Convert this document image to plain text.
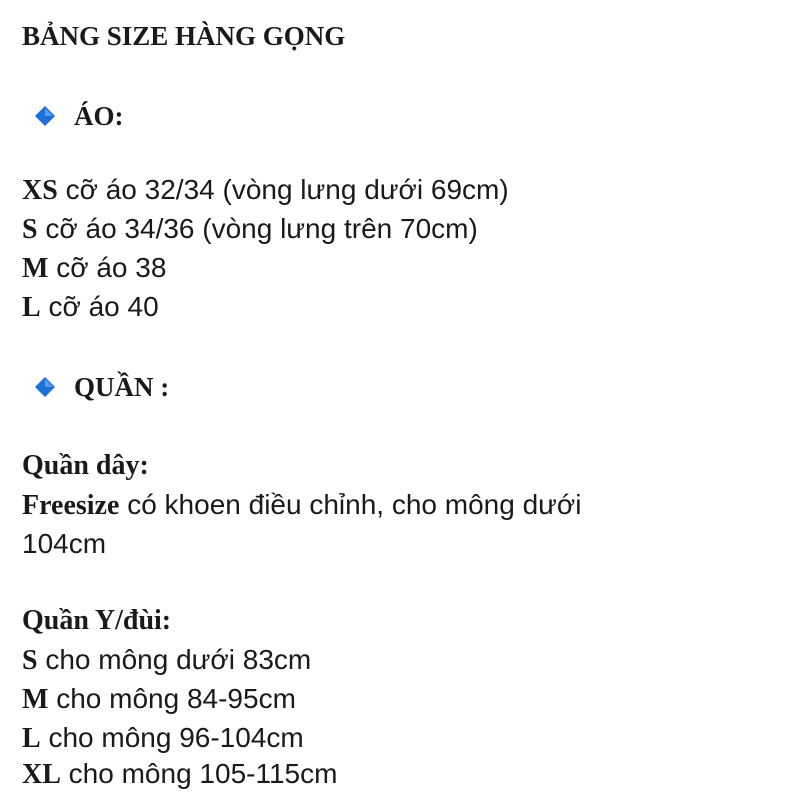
BẢNG SIZE HÀNG GỌNG
ÁO:
XS cỡ áo 32/34 (vòng lưng dưới 69cm)
S cỡ áo 34/36 (vòng lưng trên 70cm)
M cỡ áo 38
L cỡ áo 40
QUẦN :
Quần dây:
Freesize có khoen điều chỉnh, cho mông dưới
104cm
Quần Y/đùi:
S cho mông dưới 83cm
M cho mông 84-95cm
L cho mông 96-104cm
XL cho mông 105-115cm
